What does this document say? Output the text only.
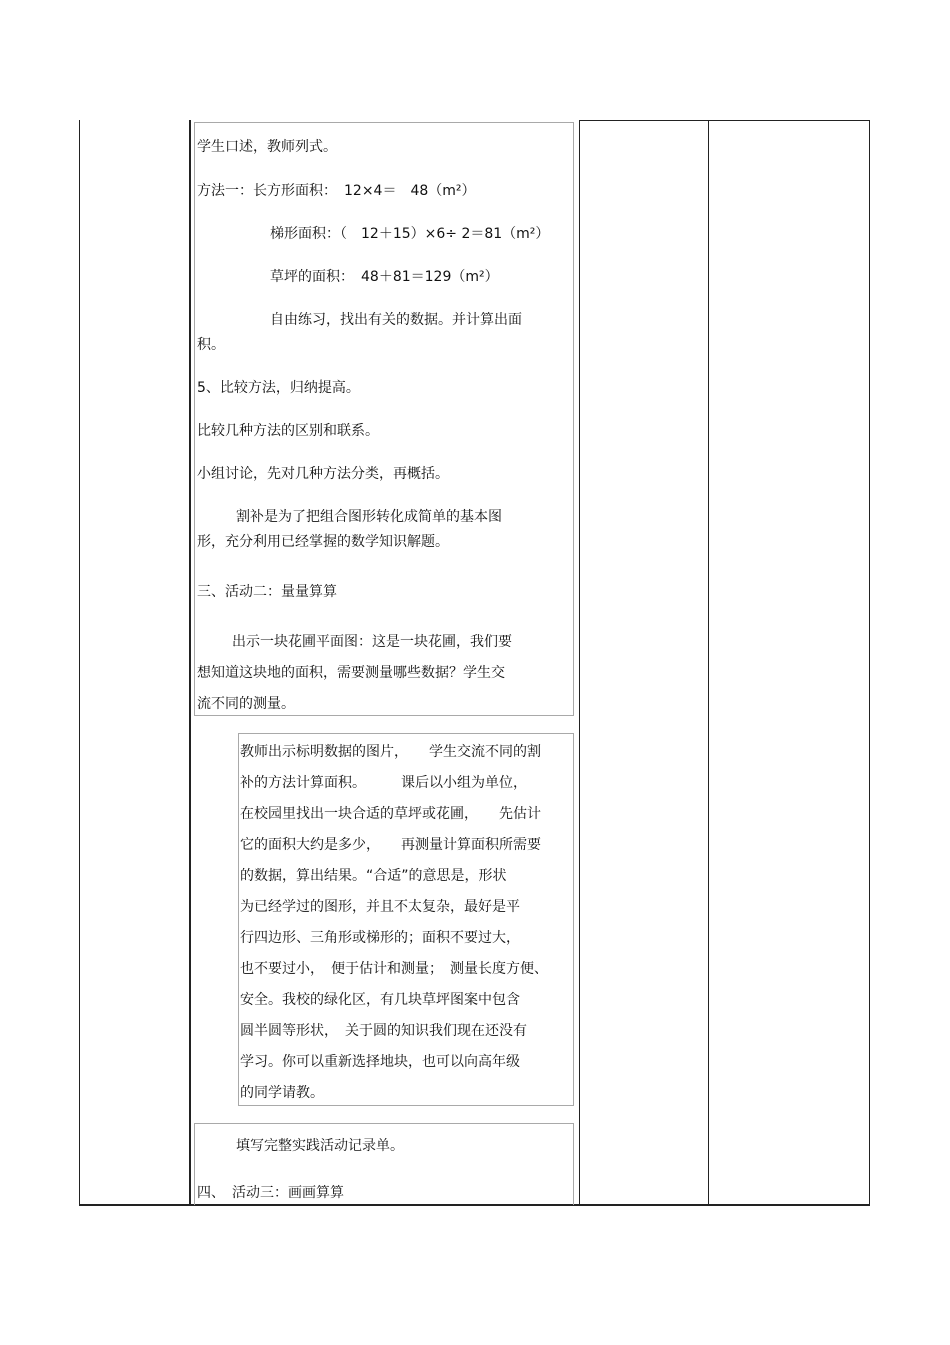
学生口述，教师列式。
方法一：长方形面积：　12×4＝　48（m²）
梯形面积：（　12＋15）×6÷ 2＝81（m²）
草坪的面积：　48＋81＝129（m²）
自由练习，找出有关的数据。并计算出面
积。
5、比较方法，归纳提高。
比较几种方法的区别和联系。
小组讨论，先对几种方法分类，再概括。
割补是为了把组合图形转化成简单的基本图
形，充分利用已经掌握的数学知识解题。
三、活动二：量量算算
出示一块花圃平面图：这是一块花圃，我们要
想知道这块地的面积，需要测量哪些数据？学生交
流不同的测量。
教师出示标明数据的图片，　　学生交流不同的割
补的方法计算面积。　　　课后以小组为单位，
在校园里找出一块合适的草坪或花圃，　　先估计
它的面积大约是多少，　　再测量计算面积所需要
的数据，算出结果。“合适”的意思是，形状
为已经学过的图形，并且不太复杂，最好是平
行四边形、三角形或梯形的；面积不要过大，
也不要过小，　便于估计和测量；　测量长度方便、
安全。我校的绿化区，有几块草坪图案中包含
圆半圆等形状，　关于圆的知识我们现在还没有
学习。你可以重新选择地块，也可以向高年级
的同学请教。
填写完整实践活动记录单。
四、　活动三：画画算算
